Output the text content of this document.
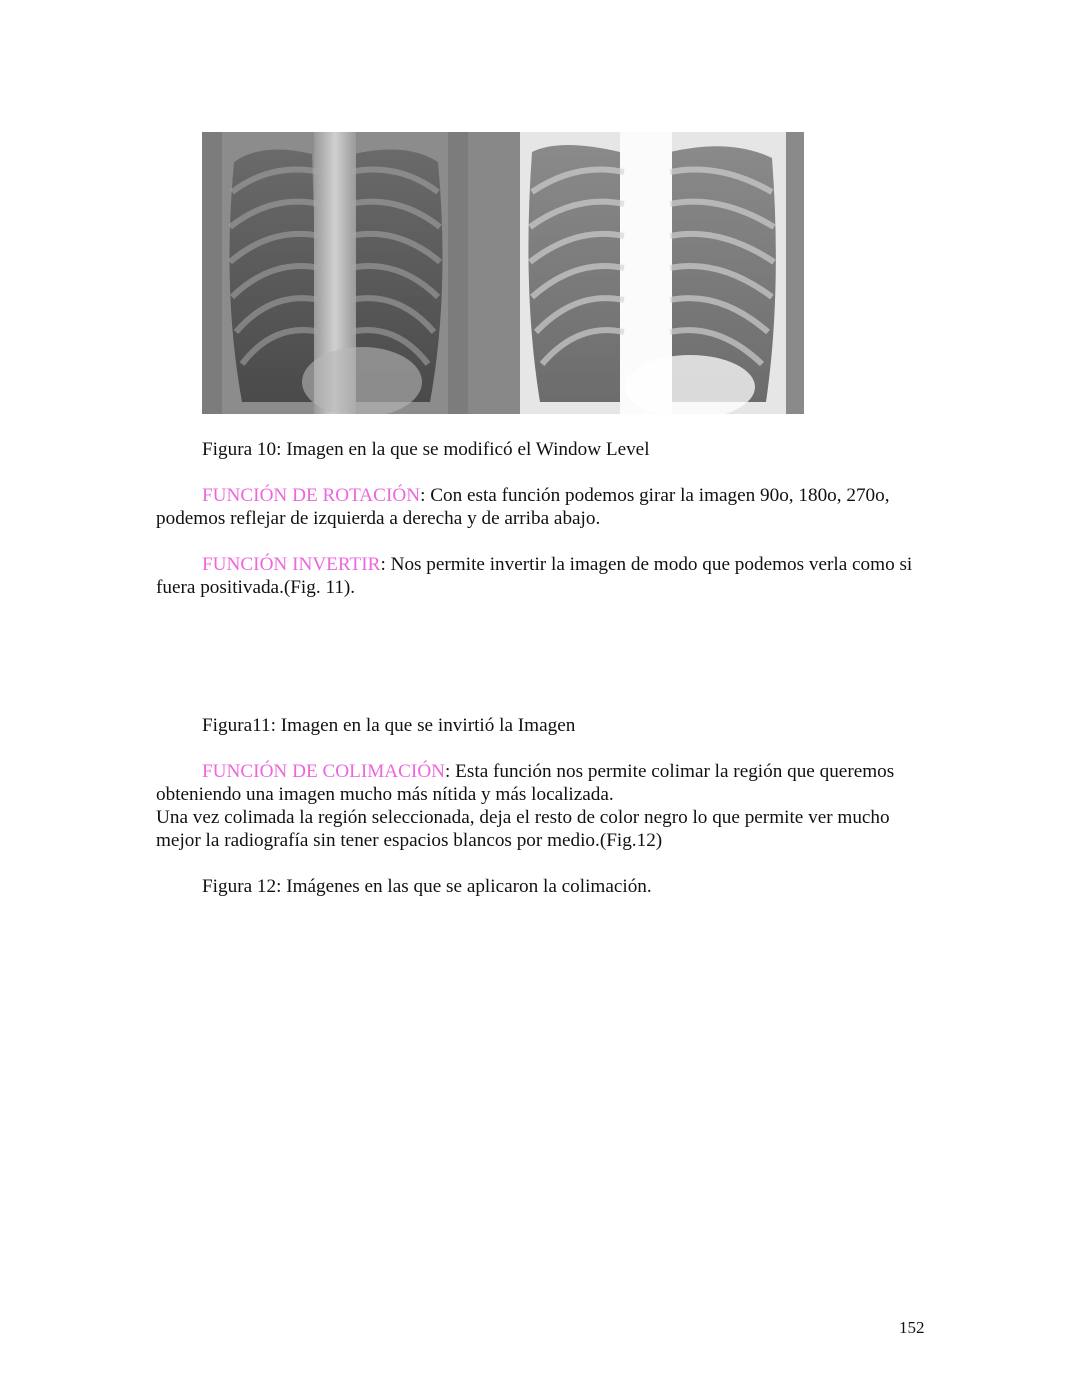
Figura 10: Imagen en la que se modificó el Window Level

FUNCIÓN DE ROTACIÓN: Con esta función podemos girar la imagen 90o, 180o, 270o,
podemos reflejar de izquierda a derecha y de arriba abajo.

FUNCIÓN INVERTIR: Nos permite invertir la imagen de modo que podemos verla como si
fuera positivada.(Fig. 11).

Figura11: Imagen en la que se invirtió la Imagen

FUNCIÓN DE COLIMACIÓN: Esta función nos permite colimar la región que queremos
obteniendo una imagen mucho más nítida y más localizada.
Una vez colimada la región seleccionada, deja el resto de color negro lo que permite ver mucho
mejor la radiografía sin tener espacios blancos por medio.(Fig.12)

Figura 12: Imágenes en las que se aplicaron la colimación.

152
